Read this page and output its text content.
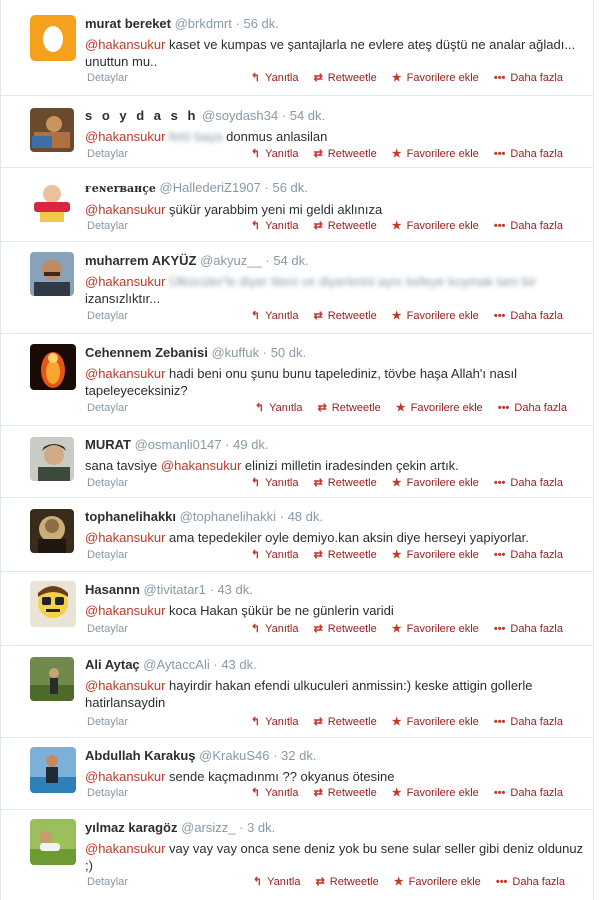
murat bereket @brkdmrt · 56 dk.
@hakansukur kaset ve kumpas ve şantajlarla ne evlere ateş düştü ne analar ağladı... unuttun mu..
Detaylar	↰ Yanıtla ⇄ Retweetle ★ Favorilere ekle ••• Daha fazla
s o y d a s h @soydash34 · 54 dk.
@hakansukur fetö baya donmus anlasilan
Detaylar	↰ Yanıtla ⇄ Retweetle ★ Favorilere ekle ••• Daha fazla
ғeɴerʙaнçe @HallederiZ1907 · 56 dk.
@hakansukur şükür yarabbim yeni mi geldi aklınıza
Detaylar	↰ Yanıtla ⇄ Retweetle ★ Favorilere ekle ••• Daha fazla
muharrem AKYÜZ @akyuz__ · 54 dk.
@hakansukur Ülkücüler'le diyer liteni ve diyerlerini aynı kefeye koymak tam bir izansızlıktır...
Detaylar	↰ Yanıtla ⇄ Retweetle ★ Favorilere ekle ••• Daha fazla
Cehennem Zebanisi @kuffuk · 50 dk.
@hakansukur hadi beni onu şunu bunu tapelediniz, tövbe haşa Allah'ı nasıl tapeleyeceksiniz?
Detaylar	↰ Yanıtla ⇄ Retweetle ★ Favorilere ekle ••• Daha fazla
MURAT @osmanli0147 · 49 dk.
sana tavsiye @hakansukur elinizi milletin iradesinden çekin artık.
Detaylar	↰ Yanıtla ⇄ Retweetle ★ Favorilere ekle ••• Daha fazla
tophanelihakkı @tophanelihakki · 48 dk.
@hakansukur ama tepedekiler oyle demiyo.kan aksin diye herseyi yapiyorlar.
Detaylar	↰ Yanıtla ⇄ Retweetle ★ Favorilere ekle ••• Daha fazla
Hasannn @tivitatar1 · 43 dk.
@hakansukur koca Hakan şükür be ne günlerin varidi
Detaylar	↰ Yanıtla ⇄ Retweetle ★ Favorilere ekle ••• Daha fazla
Ali Aytaç @AytaccAli · 43 dk.
@hakansukur hayirdir hakan efendi ulkuculeri anmissin:) keske attigin gollerle hatirlansaydin
Detaylar	↰ Yanıtla ⇄ Retweetle ★ Favorilere ekle ••• Daha fazla
Abdullah Karakuş @KrakuS46 · 32 dk.
@hakansukur sende kaçmadınmı ?? okyanus ötesine
Detaylar	↰ Yanıtla ⇄ Retweetle ★ Favorilere ekle ••• Daha fazla
yılmaz karagöz @arsizz_ · 3 dk.
@hakansukur vay vay vay onca sene deniz yok bu sene sular seller gibi deniz oldunuz ;)
Detaylar	↰ Yanıtla ⇄ Retweetle ★ Favorilere ekle ••• Daha fazla
